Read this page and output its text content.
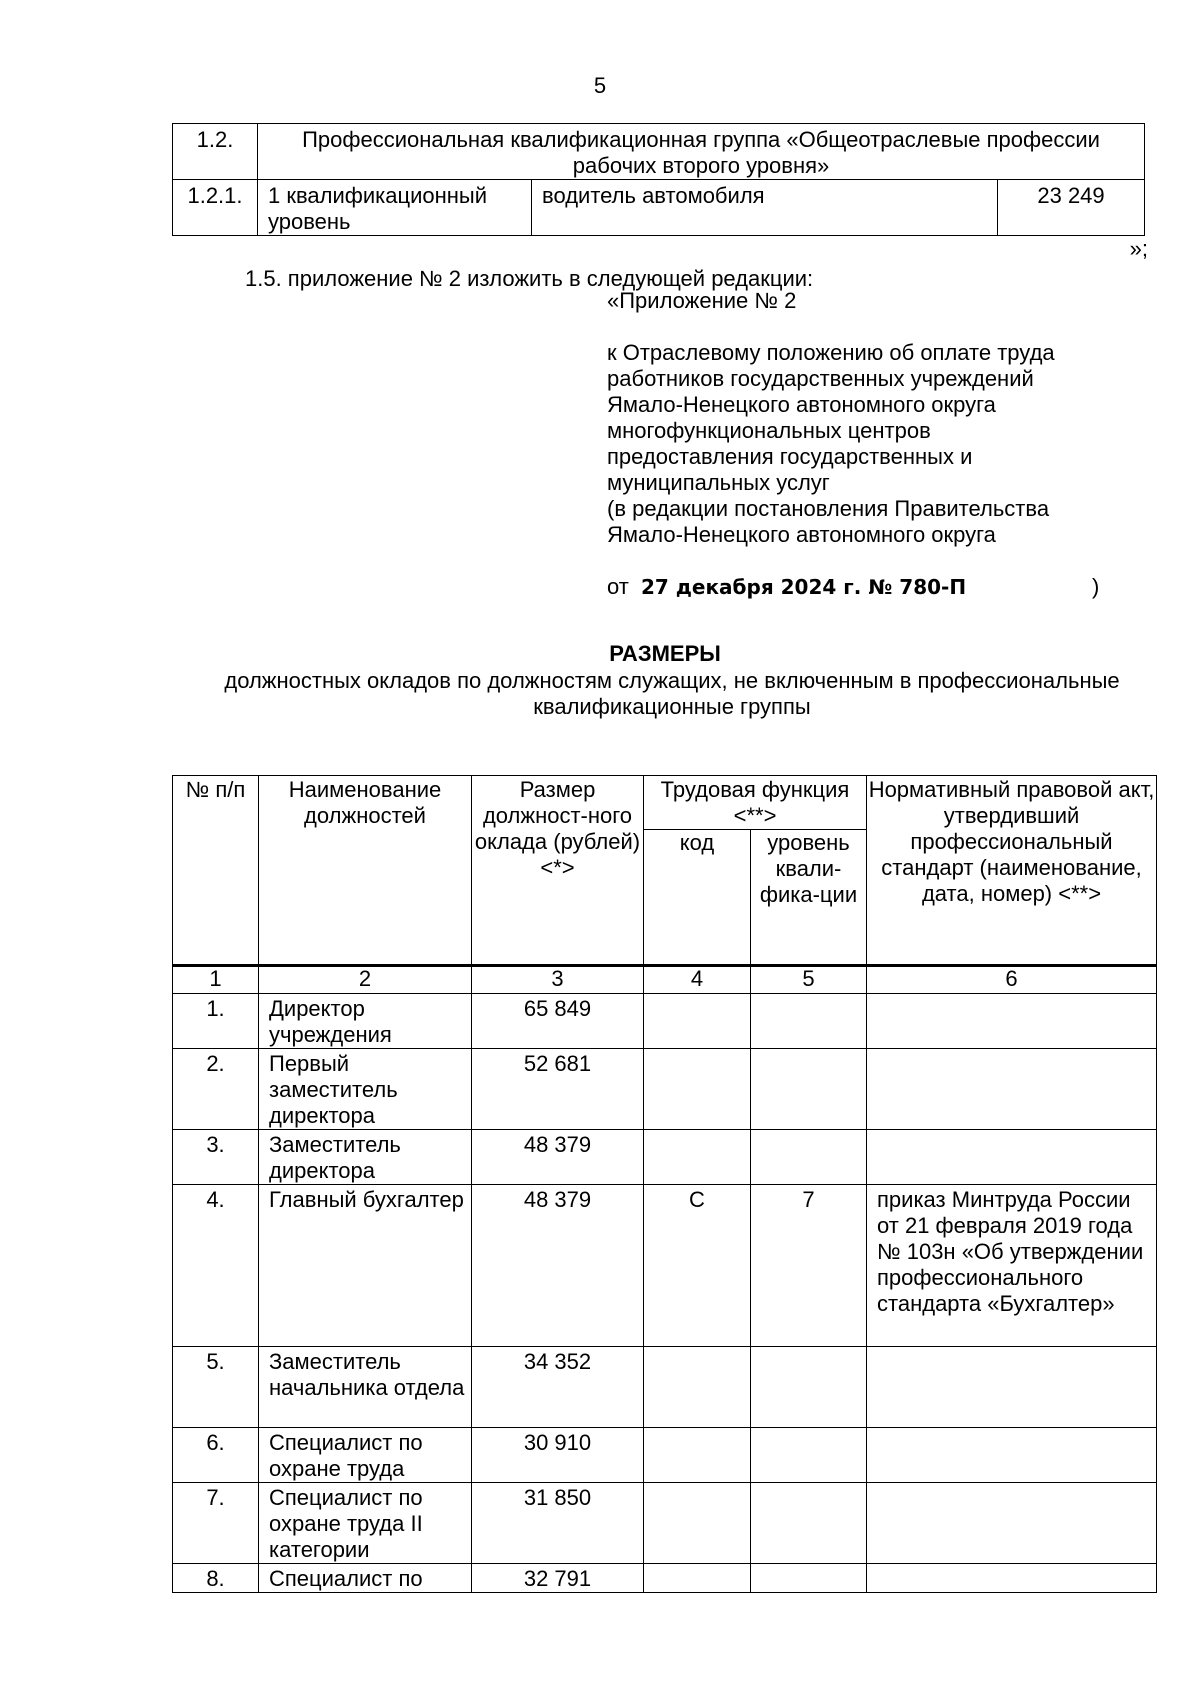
5
1.2.	Профессиональная квалификационная группа «Общеотраслевые профессии рабочих второго уровня»		
1.2.1.	1 квалификационный уровень	водитель автомобиля	23 249
»;
1.5. приложение № 2 изложить в следующей редакции:
«Приложение № 2
к Отраслевому положению об оплате труда
работников государственных учреждений
Ямало-Ненецкого автономного округа
многофункциональных центров
предоставления государственных и
муниципальных услуг
(в редакции постановления Правительства
Ямало-Ненецкого автономного округа
от 27 декабря 2024 г. № 780-П	)
РАЗМЕРЫ
должностных окладов по должностям служащих, не включенным в профессиональные квалификационные группы
№ п/п	Наименование должностей	Размер должност-ного оклада (рублей) <*>	Трудовая функция <**>		Нормативный правовой акт, утвердивший профессиональный стандарт (наименование, дата, номер) <**>
			код	уровень квали-фика-ции	
1	2	3	4	5	6
1.	Директор учреждения	65 849			
2.	Первый заместитель директора	52 681			
3.	Заместитель директора	48 379			
4.	Главный бухгалтер	48 379	С	7	приказ Минтруда России от 21 февраля 2019 года № 103н «Об утверждении профессионального стандарта «Бухгалтер»
5.	Заместитель начальника отдела	34 352			
6.	Специалист по охране труда	30 910			
7.	Специалист по охране труда II категории	31 850			
8.	Специалист по	32 791			
